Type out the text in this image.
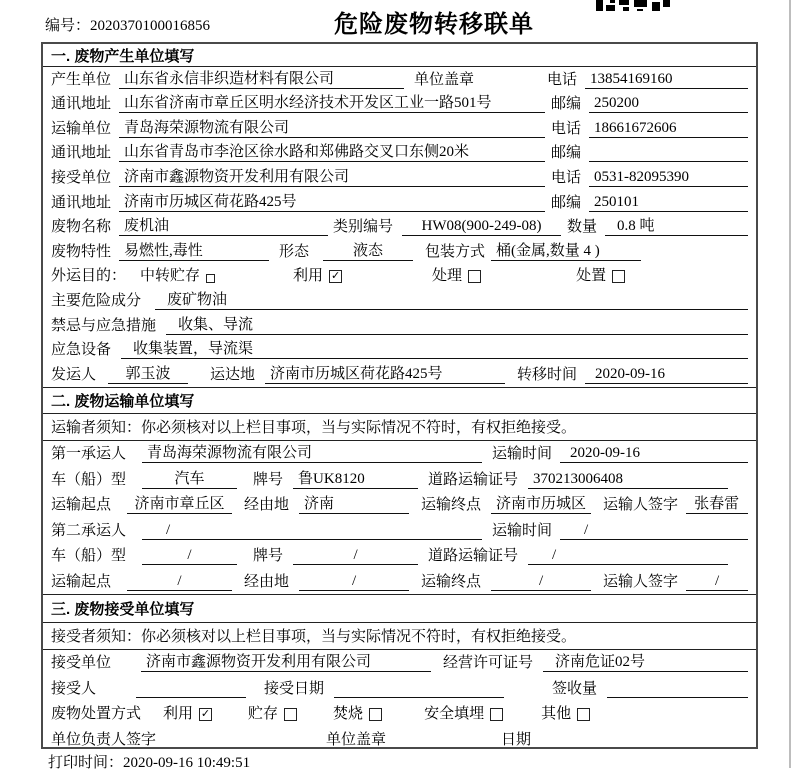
编号：2020370100016856	危险废物转移联单
一. 废物产生单位填写
产生单位 山东省永信非织造材料有限公司	单位盖章	电话 13854169160
通讯地址 山东省济南市章丘区明水经济技术开发区工业一路501号	邮编 250200
运输单位 青岛海荣源物流有限公司	电话 18661672606
通讯地址 山东省青岛市李沧区徐水路和郑佛路交叉口东侧20米	邮编
接受单位 济南市鑫源物资开发利用有限公司	电话 0531-82095390
通讯地址 济南市历城区荷花路425号	邮编 250101
废物名称 废机油	类别编号	HW08(900-249-08)	数量	0.8 吨
废物特性 易燃性,毒性	形态	液态	包装方式 桶(金属,数量 4 )
外运目的： 中转贮存	利用 ✓	处理	处置
主要危险成分	废矿物油
禁忌与应急措施	收集、导流
应急设备	收集装置，导流渠
发运人	郭玉波	运达地	济南市历城区荷花路425号	转移时间	2020-09-16
二. 废物运输单位填写
运输者须知：你必须核对以上栏目事项，当与实际情况不符时，有权拒绝接受。
第一承运人	青岛海荣源物流有限公司	运输时间	2020-09-16
车（船）型	汽车	牌号	鲁UK8120	道路运输证号	370213006408
运输起点	济南市章丘区	经由地	济南	运输终点	济南市历城区	运输人签字	张春雷
第二承运人	/	运输时间	/
车（船）型	/	牌号	/	道路运输证号	/
运输起点	/	经由地	/	运输终点	/	运输人签字	/
三. 废物接受单位填写
接受者须知：你必须核对以上栏目事项，当与实际情况不符时，有权拒绝接受。
接受单位	济南市鑫源物资开发利用有限公司	经营许可证号	济南危证02号
接受人	接受日期	签收量
废物处置方式 利用 ✓	贮存	焚烧	安全填埋	其他
单位负责人签字	单位盖章	日期
打印时间：2020-09-16 10:49:51
